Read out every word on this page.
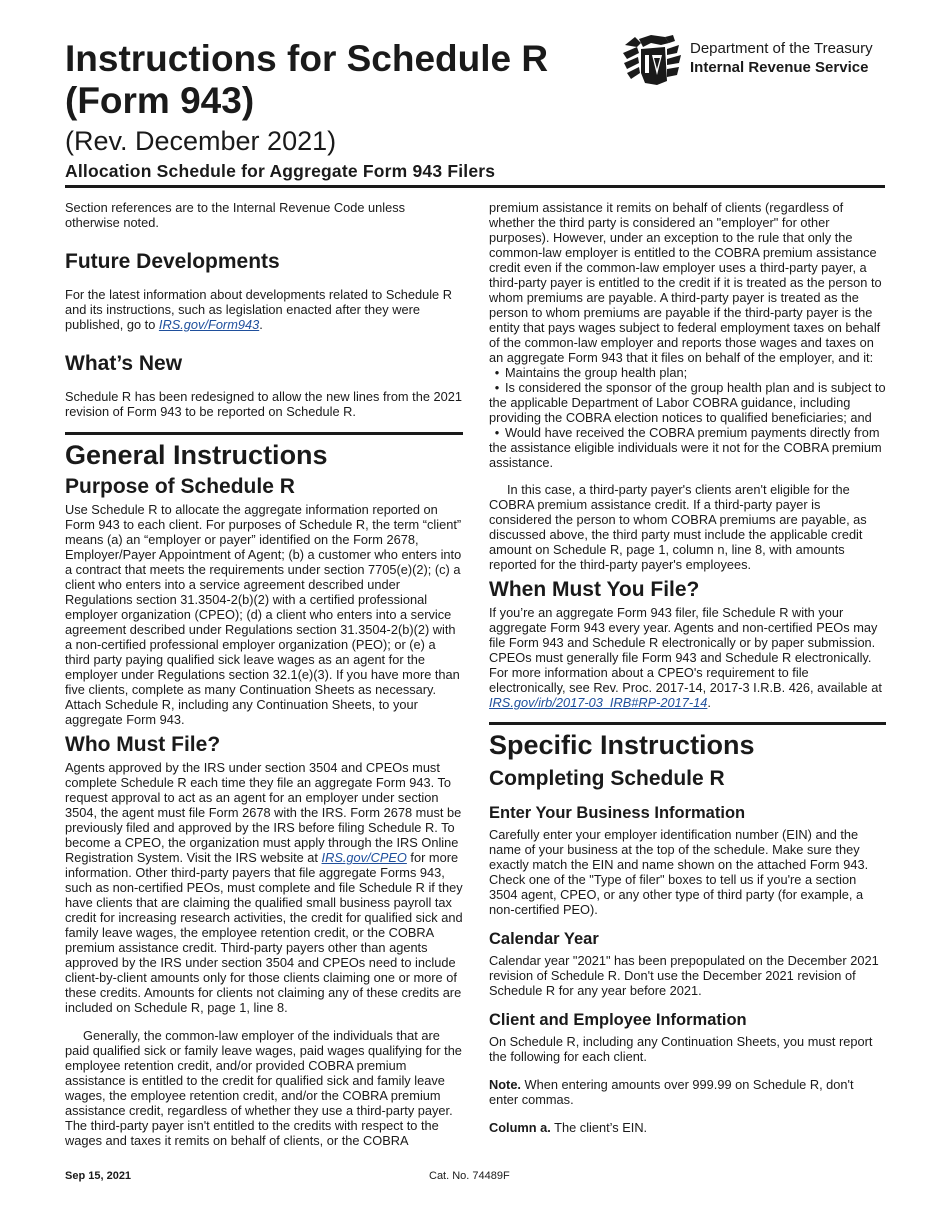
Instructions for Schedule R (Form 943)
(Rev. December 2021)
Allocation Schedule for Aggregate Form 943 Filers
Department of the Treasury
Internal Revenue Service

Section references are to the Internal Revenue Code unless otherwise noted.

Future Developments

For the latest information about developments related to Schedule R and its instructions, such as legislation enacted after they were published, go to IRS.gov/Form943.

What’s New

Schedule R has been redesigned to allow the new lines from the 2021 revision of Form 943 to be reported on Schedule R.

General Instructions
Purpose of Schedule R

Use Schedule R to allocate the aggregate information reported on Form 943 to each client. For purposes of Schedule R, the term “client” means (a) an “employer or payer” identified on the Form 2678, Employer/Payer Appointment of Agent; (b) a customer who enters into a contract that meets the requirements under section 7705(e)(2); (c) a client who enters into a service agreement described under Regulations section 31.3504-2(b)(2) with a certified professional employer organization (CPEO); (d) a client who enters into a service agreement described under Regulations section 31.3504-2(b)(2) with a non-certified professional employer organization (PEO); or (e) a third party paying qualified sick leave wages as an agent for the employer under Regulations section 32.1(e)(3). If you have more than five clients, complete as many Continuation Sheets as necessary. Attach Schedule R, including any Continuation Sheets, to your aggregate Form 943.

Who Must File?

Agents approved by the IRS under section 3504 and CPEOs must complete Schedule R each time they file an aggregate Form 943. To request approval to act as an agent for an employer under section 3504, the agent must file Form 2678 with the IRS. Form 2678 must be previously filed and approved by the IRS before filing Schedule R. To become a CPEO, the organization must apply through the IRS Online Registration System. Visit the IRS website at IRS.gov/CPEO for more information. Other third-party payers that file aggregate Forms 943, such as non-certified PEOs, must complete and file Schedule R if they have clients that are claiming the qualified small business payroll tax credit for increasing research activities, the credit for qualified sick and family leave wages, the employee retention credit, or the COBRA premium assistance credit. Third-party payers other than agents approved by the IRS under section 3504 and CPEOs need to include client-by-client amounts only for those clients claiming one or more of these credits. Amounts for clients not claiming any of these credits are included on Schedule R, page 1, line 8.

Generally, the common-law employer of the individuals that are paid qualified sick or family leave wages, paid wages qualifying for the employee retention credit, and/or provided COBRA premium assistance is entitled to the credit for qualified sick and family leave wages, the employee retention credit, and/or the COBRA premium assistance credit, regardless of whether they use a third-party payer. The third-party payer isn't entitled to the credits with respect to the wages and taxes it remits on behalf of clients, or the COBRA

premium assistance it remits on behalf of clients (regardless of whether the third party is considered an "employer" for other purposes). However, under an exception to the rule that only the common-law employer is entitled to the COBRA premium assistance credit even if the common-law employer uses a third-party payer, a third-party payer is entitled to the credit if it is treated as the person to whom premiums are payable. A third-party payer is treated as the person to whom premiums are payable if the third-party payer is the entity that pays wages subject to federal employment taxes on behalf of the common-law employer and reports those wages and taxes on an aggregate Form 943 that it files on behalf of the employer, and it:

• Maintains the group health plan;

• Is considered the sponsor of the group health plan and is subject to the applicable Department of Labor COBRA guidance, including providing the COBRA election notices to qualified beneficiaries; and

• Would have received the COBRA premium payments directly from the assistance eligible individuals were it not for the COBRA premium assistance.

In this case, a third-party payer's clients aren't eligible for the COBRA premium assistance credit. If a third-party payer is considered the person to whom COBRA premiums are payable, as discussed above, the third party must include the applicable credit amount on Schedule R, page 1, column n, line 8, with amounts reported for the third-party payer's employees.

When Must You File?

If you’re an aggregate Form 943 filer, file Schedule R with your aggregate Form 943 every year. Agents and non-certified PEOs may file Form 943 and Schedule R electronically or by paper submission. CPEOs must generally file Form 943 and Schedule R electronically. For more information about a CPEO's requirement to file electronically, see Rev. Proc. 2017-14, 2017-3 I.R.B. 426, available at IRS.gov/irb/2017-03_IRB#RP-2017-14.

Specific Instructions
Completing Schedule R
Enter Your Business Information

Carefully enter your employer identification number (EIN) and the name of your business at the top of the schedule. Make sure they exactly match the EIN and name shown on the attached Form 943. Check one of the "Type of filer" boxes to tell us if you're a section 3504 agent, CPEO, or any other type of third party (for example, a non-certified PEO).

Calendar Year

Calendar year "2021" has been prepopulated on the December 2021 revision of Schedule R. Don't use the December 2021 revision of Schedule R for any year before 2021.

Client and Employee Information

On Schedule R, including any Continuation Sheets, you must report the following for each client.

Note. When entering amounts over 999.99 on Schedule R, don't enter commas.

Column a. The client’s EIN.

Sep 15, 2021	Cat. No. 74489F
